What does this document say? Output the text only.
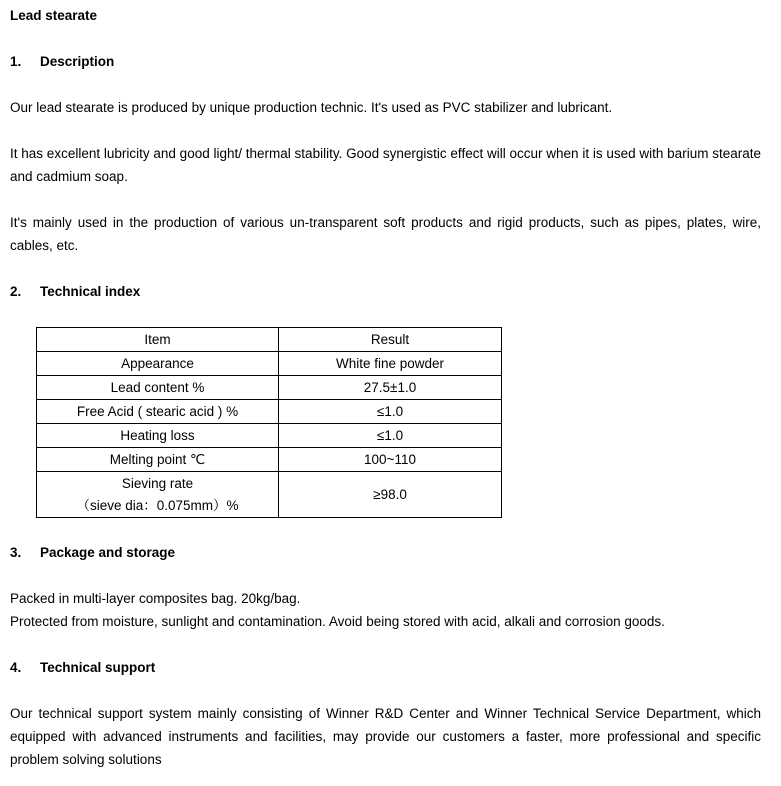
Lead stearate
1. Description

Our lead stearate is produced by unique production technic. It's used as PVC stabilizer and lubricant.

It has excellent lubricity and good light/ thermal stability. Good synergistic effect will occur when it is used with barium stearate and cadmium soap.

It's mainly used in the production of various un-transparent soft products and rigid products, such as pipes, plates, wire, cables, etc.

2. Technical index
Item	Result
Appearance	White fine powder
Lead content %	27.5±1.0
Free Acid ( stearic acid ) %	≤1.0
Heating loss	≤1.0
Melting point ℃	100~110

Sieving rate
（sieve dia：0.075mm）%	≥98.0
3. Package and storage

Packed in multi-layer composites bag. 20kg/bag.

Protected from moisture, sunlight and contamination. Avoid being stored with acid, alkali and corrosion goods.

4. Technical support

Our technical support system mainly consisting of Winner R&D Center and Winner Technical Service Department, which equipped with advanced instruments and facilities, may provide our customers a faster, more professional and specific problem solving solutions
